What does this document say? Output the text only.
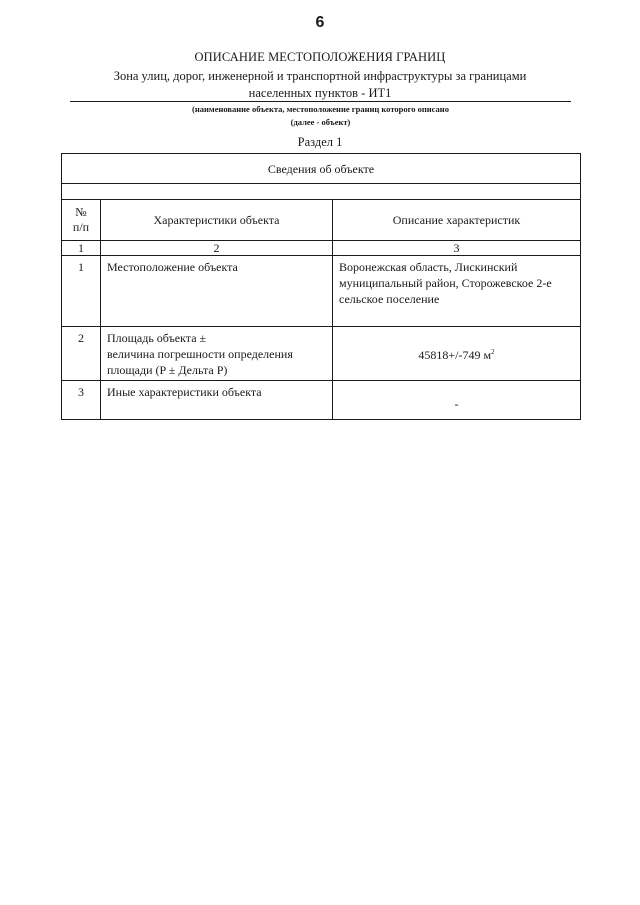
6
ОПИСАНИЕ МЕСТОПОЛОЖЕНИЯ ГРАНИЦ
Зона улиц, дорог, инженерной и транспортной инфраструктуры за границами
населенных пунктов - ИТ1
(наименование объекта, местоположение границ которого описано
(далее - объект)
Раздел 1
Сведения об объекте		

№
п/п	Характеристики объекта	Описание характеристик
1	2	3
1	Местоположение объекта	Воронежская область, Лискинский
муниципальный район, Сторожевское 2-е
сельское поселение

2	Площадь объекта ±
величина погрешности определения
площади (P ± Дельта P)	45818+/-749 $м^2$
3	Иные характеристики объекта	-
